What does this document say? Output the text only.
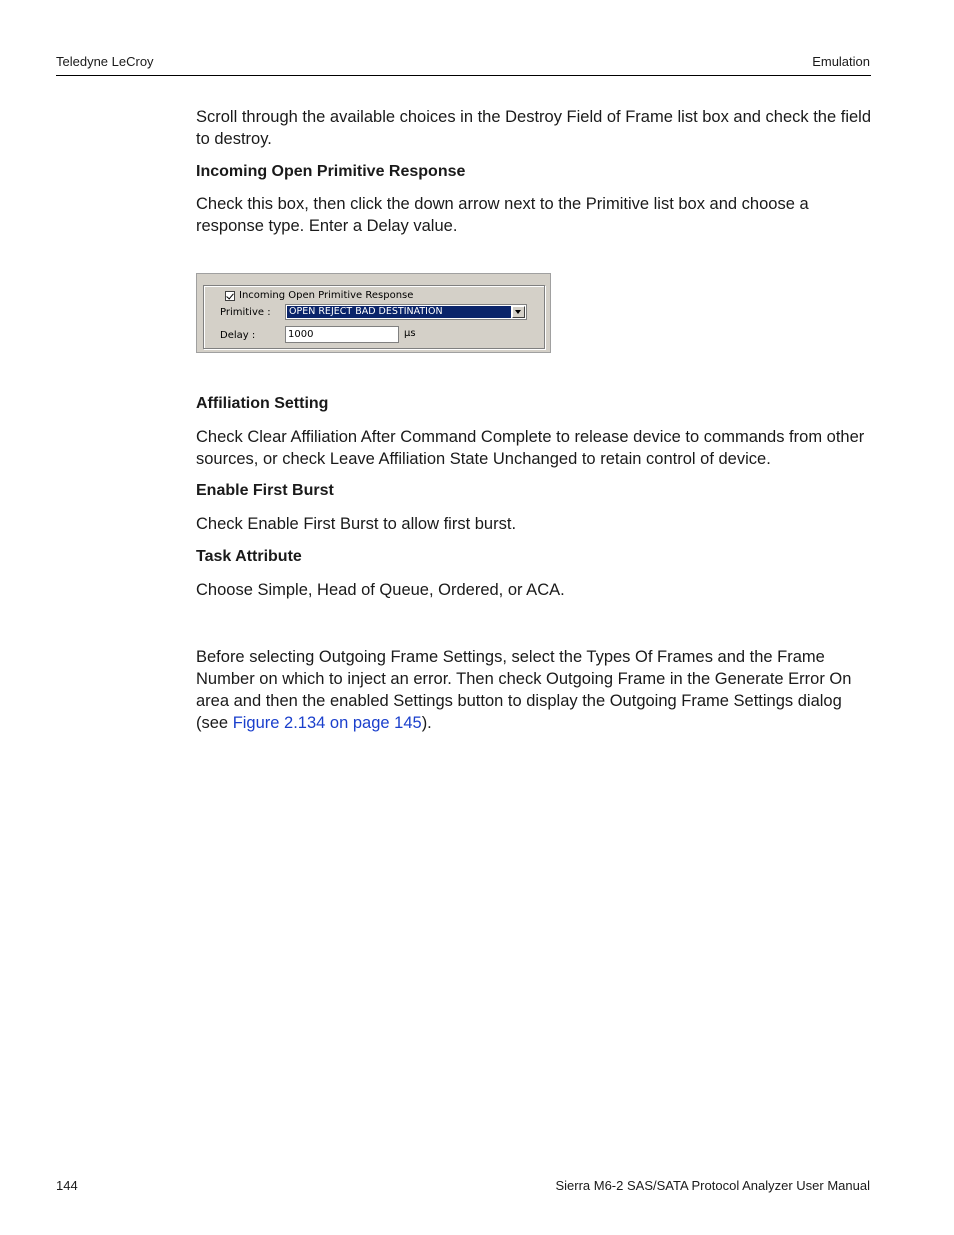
Teledyne LeCroy	Emulation

Scroll through the available choices in the Destroy Field of Frame list box and check the field to destroy.

Incoming Open Primitive Response

Check this box, then click the down arrow next to the Primitive list box and choose a response type. Enter a Delay value.

Affiliation Setting

Check Clear Affiliation After Command Complete to release device to commands from other sources, or check Leave Affiliation State Unchanged to retain control of device.

Enable First Burst

Check Enable First Burst to allow first burst.

Task Attribute

Choose Simple, Head of Queue, Ordered, or ACA.

Before selecting Outgoing Frame Settings, select the Types Of Frames and the Frame Number on which to inject an error. Then check Outgoing Frame in the Generate Error On area and then the enabled Settings button to display the Outgoing Frame Settings dialog (see Figure 2.134 on page 145).

Incoming Open Primitive Response
Primitive : OPEN REJECT BAD DESTINATION
Delay :	1000	µs
144	Sierra M6-2 SAS/SATA Protocol Analyzer User Manual
